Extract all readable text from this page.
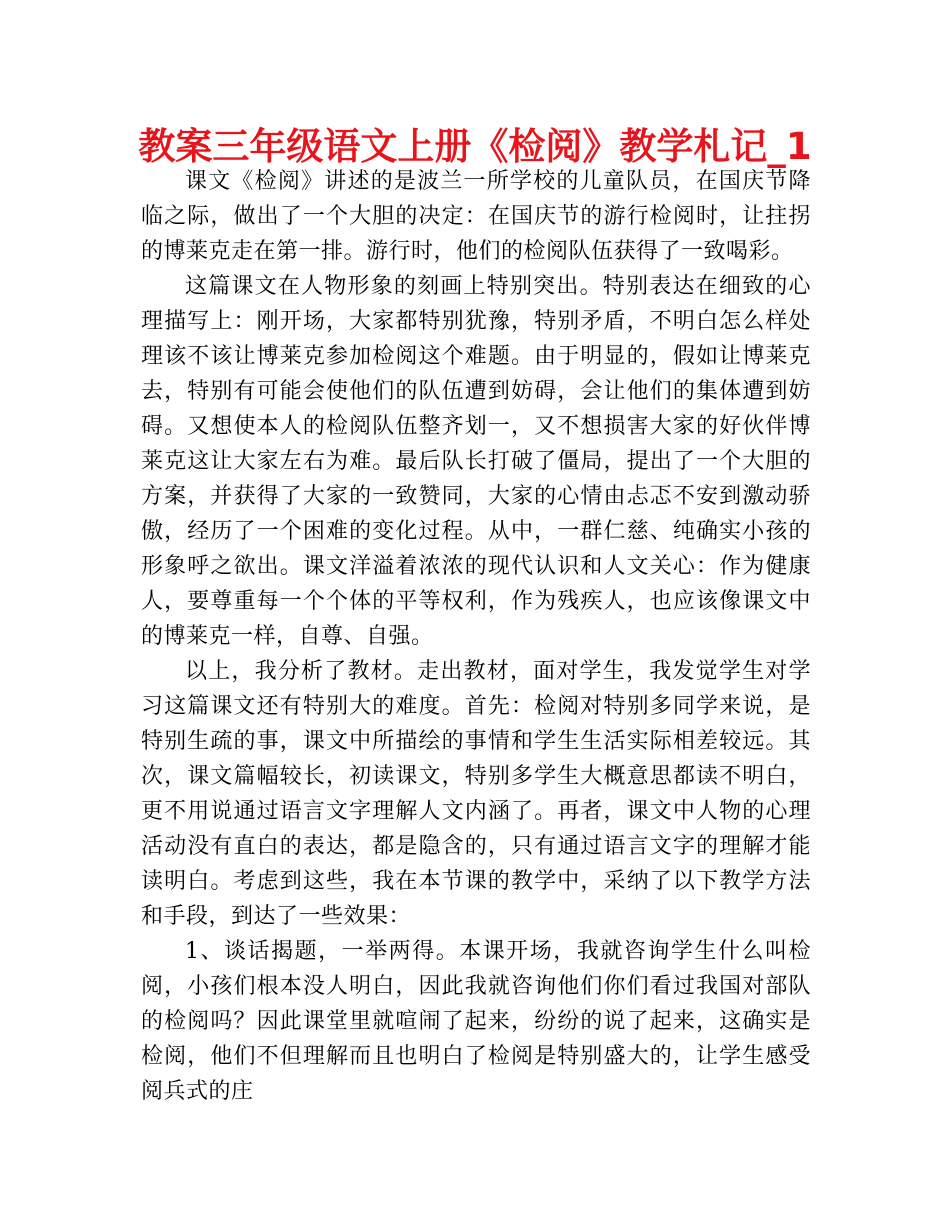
教案三年级语文上册《检阅》教学札记_1

课文《检阅》讲述的是波兰一所学校的儿童队员，在国庆节降临之际，做出了一个大胆的决定：在国庆节的游行检阅时，让拄拐的博莱克走在第一排。游行时，他们的检阅队伍获得了一致喝彩。

这篇课文在人物形象的刻画上特别突出。特别表达在细致的心理描写上：刚开场，大家都特别犹豫，特别矛盾，不明白怎么样处理该不该让博莱克参加检阅这个难题。由于明显的，假如让博莱克去，特别有可能会使他们的队伍遭到妨碍，会让他们的集体遭到妨碍。又想使本人的检阅队伍整齐划一，又不想损害大家的好伙伴博莱克这让大家左右为难。最后队长打破了僵局，提出了一个大胆的方案，并获得了大家的一致赞同，大家的心情由忐忑不安到激动骄傲，经历了一个困难的变化过程。从中，一群仁慈、纯确实小孩的形象呼之欲出。课文洋溢着浓浓的现代认识和人文关心：作为健康人，要尊重每一个个体的平等权利，作为残疾人，也应该像课文中的博莱克一样，自尊、自强。

以上，我分析了教材。走出教材，面对学生，我发觉学生对学习这篇课文还有特别大的难度。首先：检阅对特别多同学来说，是特别生疏的事，课文中所描绘的事情和学生生活实际相差较远。其次，课文篇幅较长，初读课文，特别多学生大概意思都读不明白，更不用说通过语言文字理解人文内涵了。再者，课文中人物的心理活动没有直白的表达，都是隐含的，只有通过语言文字的理解才能读明白。考虑到这些，我在本节课的教学中，采纳了以下教学方法和手段，到达了一些效果：

1、谈话揭题，一举两得。本课开场，我就咨询学生什么叫检阅，小孩们根本没人明白，因此我就咨询他们你们看过我国对部队的检阅吗？因此课堂里就喧闹了起来，纷纷的说了起来，这确实是检阅，他们不但理解而且也明白了检阅是特别盛大的，让学生感受阅兵式的庄
